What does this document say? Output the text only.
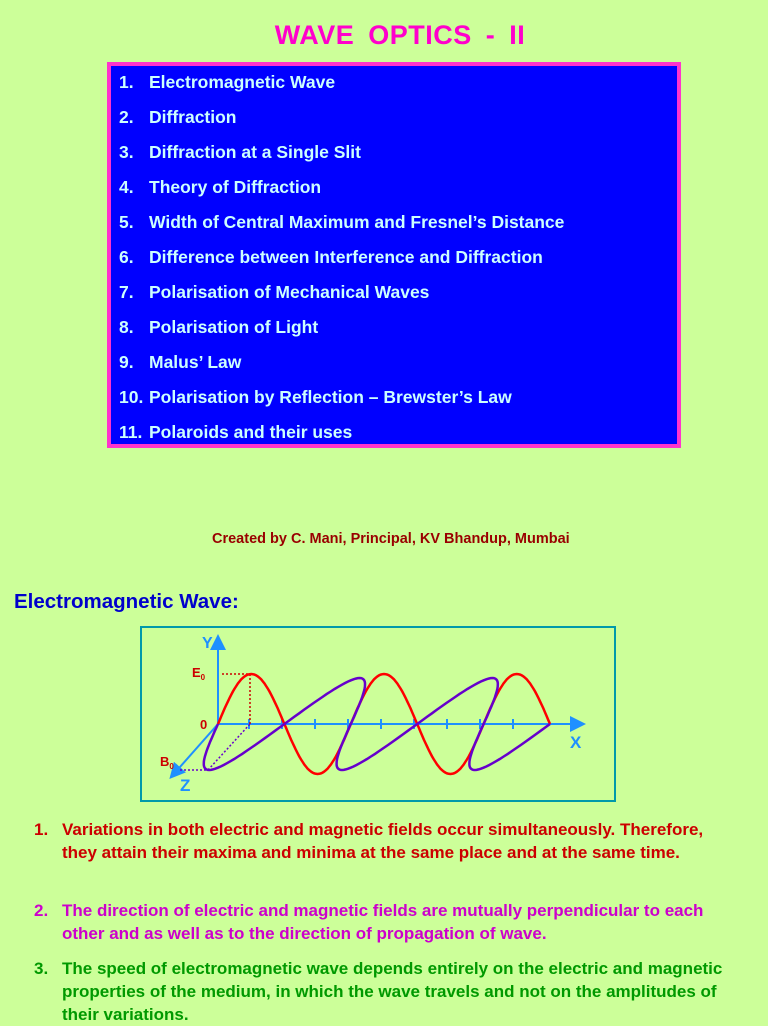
WAVE OPTICS - II
1. Electromagnetic Wave
2. Diffraction
3. Diffraction at a Single Slit
4. Theory of Diffraction
5. Width of Central Maximum and Fresnel’s Distance
6. Difference between Interference and Diffraction
7. Polarisation of Mechanical Waves
8. Polarisation of Light
9. Malus’ Law
10. Polarisation by Reflection – Brewster’s Law
11. Polaroids and their uses
Created by C. Mani, Principal, KV Bhandup, Mumbai
Electromagnetic Wave:
Y
X
Z
0
$E_0$
$B_0$
1. Variations in both electric and magnetic fields occur simultaneously. Therefore, they attain their maxima and minima at the same place and at the same time.
2. The direction of electric and magnetic fields are mutually perpendicular to each other and as well as to the direction of propagation of wave.
3. The speed of electromagnetic wave depends entirely on the electric and magnetic properties of the medium, in which the wave travels and not on the amplitudes of their variations.
